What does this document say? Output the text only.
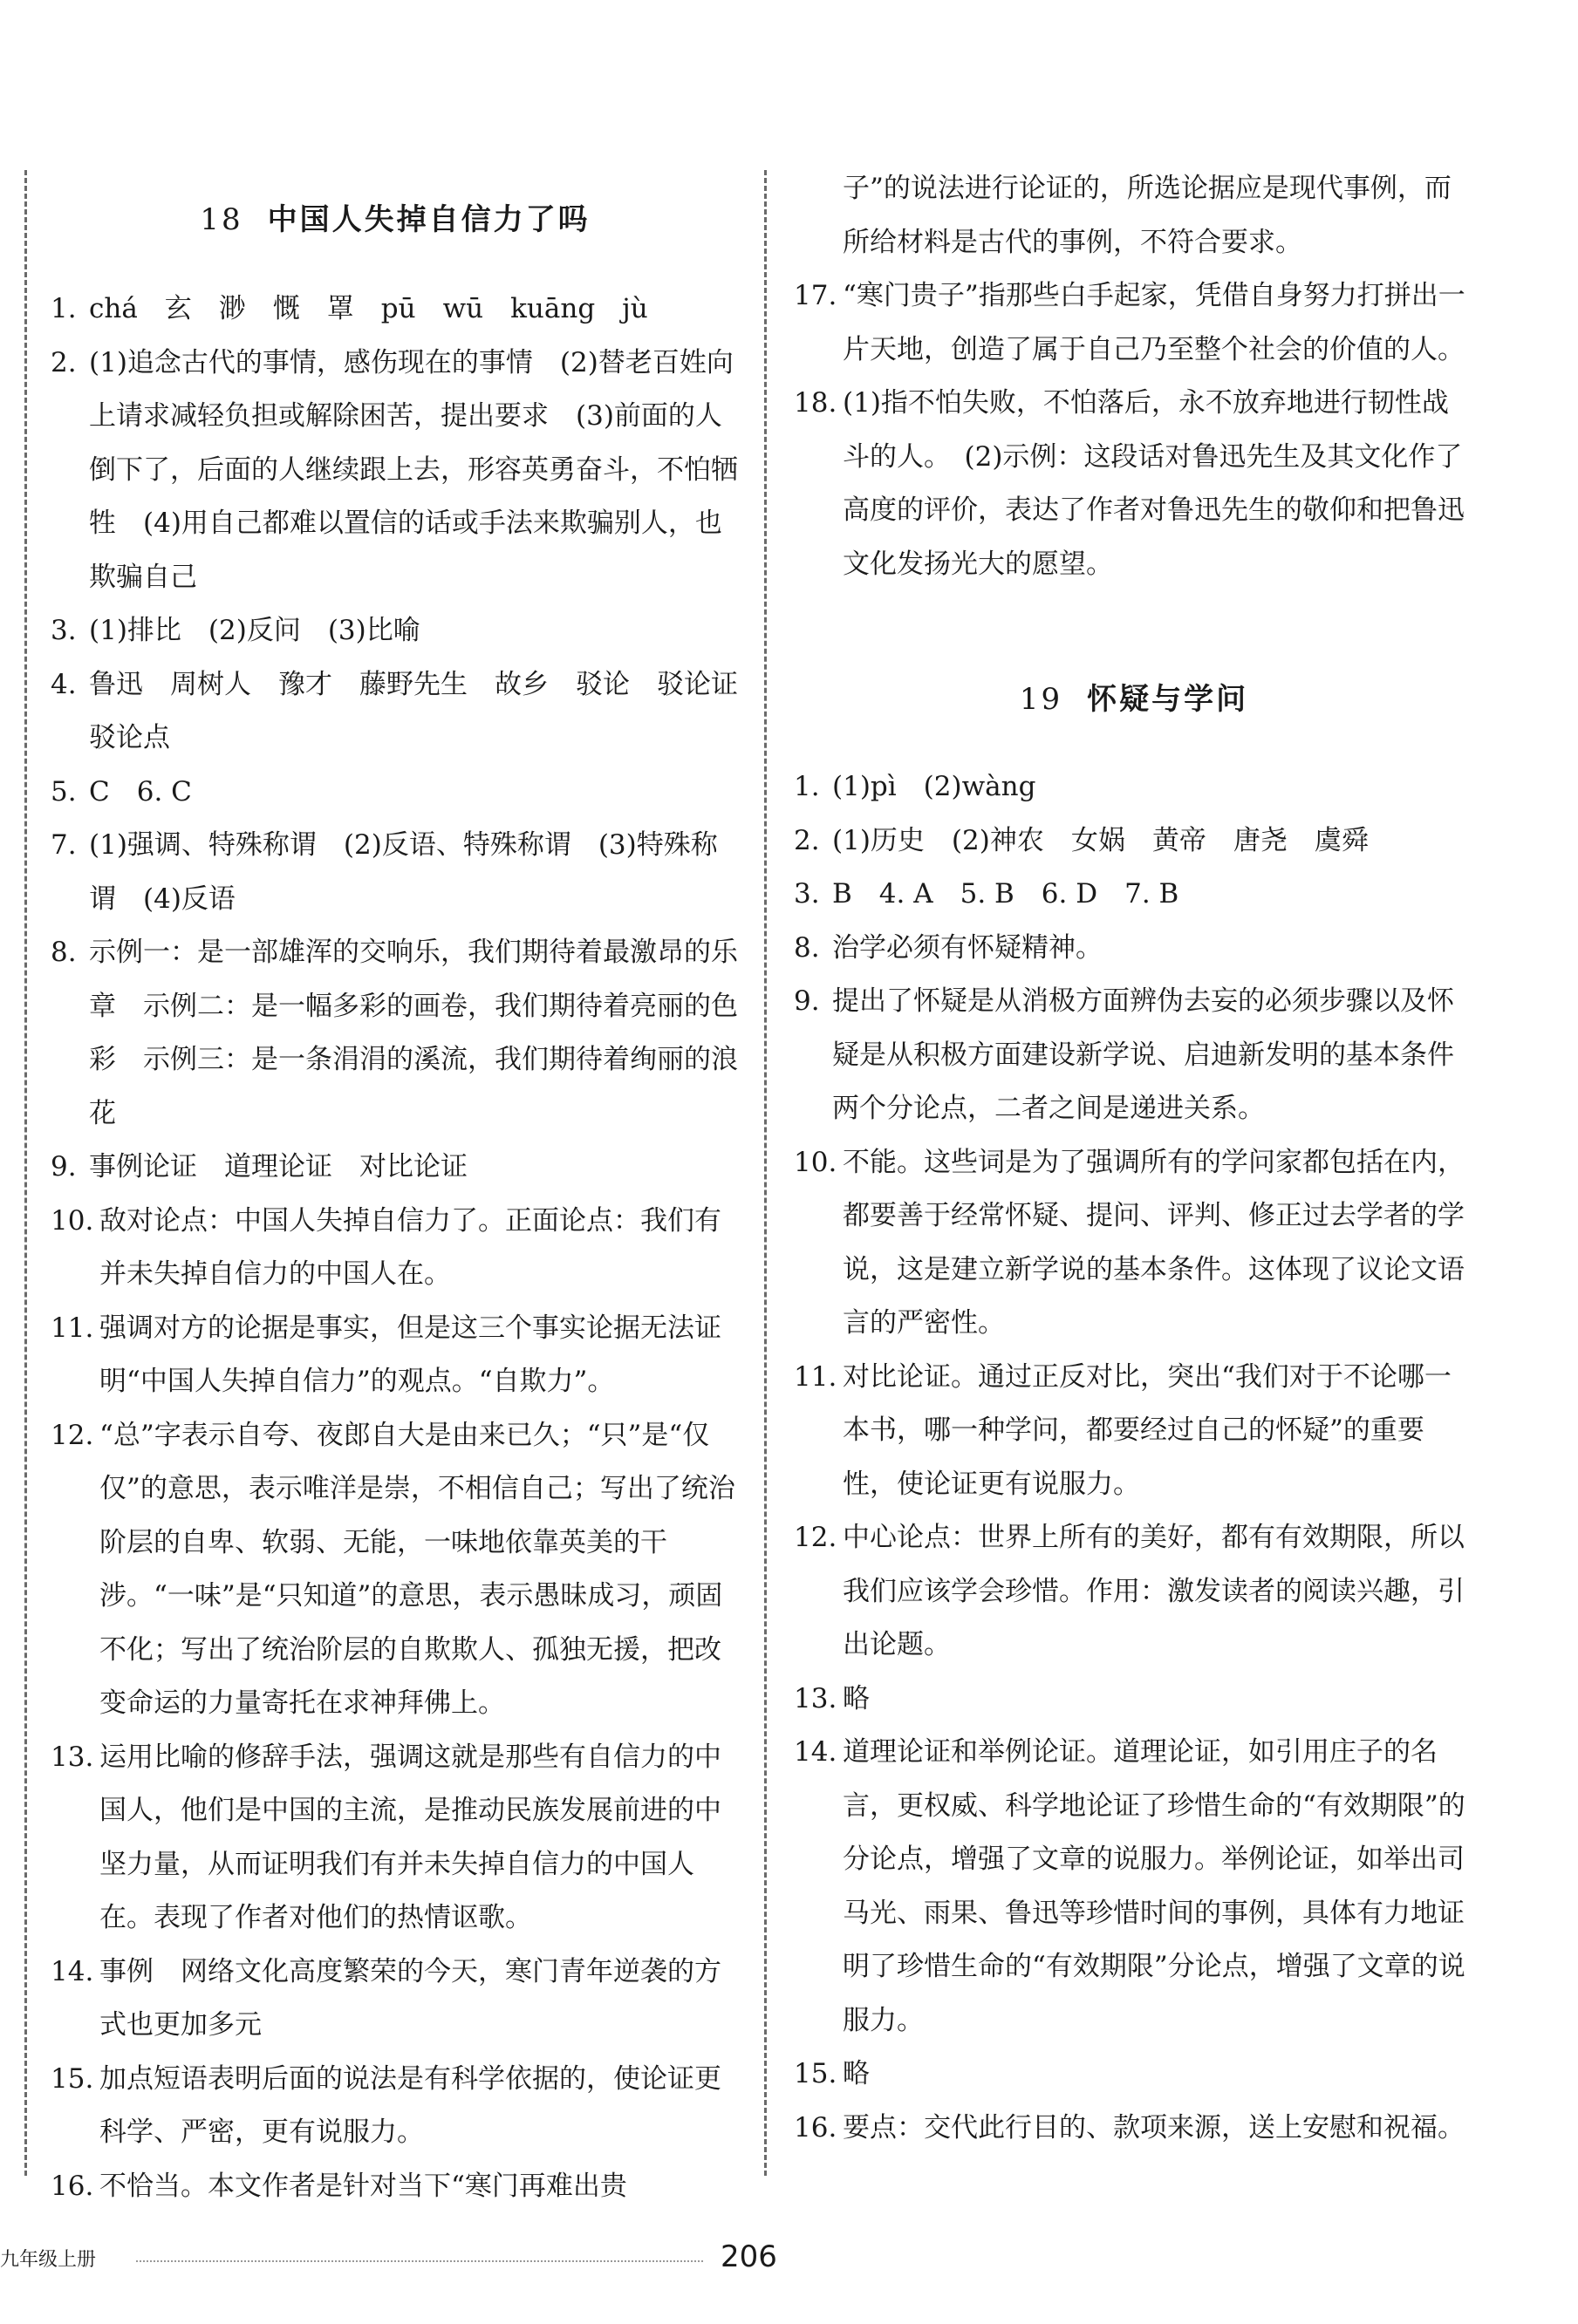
18 中国人失掉自信力了吗
1. chá　玄　渺　慨　罩　pū　wū　kuāng　jù
2. (1)追念古代的事情，感伤现在的事情　(2)替老百姓向上请求减轻负担或解除困苦，提出要求　(3)前面的人倒下了，后面的人继续跟上去，形容英勇奋斗，不怕牺牲　(4)用自己都难以置信的话或手法来欺骗别人，也欺骗自己
3. (1)排比　(2)反问　(3)比喻
4. 鲁迅　周树人　豫才　藤野先生　故乡　驳论　驳论证　驳论点
5. C　6. C
7. (1)强调、特殊称谓　(2)反语、特殊称谓　(3)特殊称谓　(4)反语
8. 示例一：是一部雄浑的交响乐，我们期待着最激昂的乐章　示例二：是一幅多彩的画卷，我们期待着亮丽的色彩　示例三：是一条涓涓的溪流，我们期待着绚丽的浪花
9. 事例论证　道理论证　对比论证
10. 敌对论点：中国人失掉自信力了。正面论点：我们有并未失掉自信力的中国人在。
11. 强调对方的论据是事实，但是这三个事实论据无法证明“中国人失掉自信力”的观点。“自欺力”。
12. “总”字表示自夸、夜郎自大是由来已久；“只”是“仅仅”的意思，表示唯洋是崇，不相信自己；写出了统治阶层的自卑、软弱、无能，一味地依靠英美的干涉。“一味”是“只知道”的意思，表示愚昧成习，顽固不化；写出了统治阶层的自欺欺人、孤独无援，把改变命运的力量寄托在求神拜佛上。
13. 运用比喻的修辞手法，强调这就是那些有自信力的中国人，他们是中国的主流，是推动民族发展前进的中坚力量，从而证明我们有并未失掉自信力的中国人在。表现了作者对他们的热情讴歌。
14. 事例　网络文化高度繁荣的今天，寒门青年逆袭的方式也更加多元
15. 加点短语表明后面的说法是有科学依据的，使论证更科学、严密，更有说服力。
16. 不恰当。本文作者是针对当下“寒门再难出贵
子”的说法进行论证的，所选论据应是现代事例，而所给材料是古代的事例，不符合要求。
17. “寒门贵子”指那些白手起家，凭借自身努力打拼出一片天地，创造了属于自己乃至整个社会的价值的人。
18. (1)指不怕失败，不怕落后，永不放弃地进行韧性战斗的人。　(2)示例：这段话对鲁迅先生及其文化作了高度的评价，表达了作者对鲁迅先生的敬仰和把鲁迅文化发扬光大的愿望。
19 怀疑与学问
1. (1)pì　(2)wàng
2. (1)历史　(2)神农　女娲　黄帝　唐尧　虞舜
3. B　4. A　5. B　6. D　7. B
8. 治学必须有怀疑精神。
9. 提出了怀疑是从消极方面辨伪去妄的必须步骤以及怀疑是从积极方面建设新学说、启迪新发明的基本条件两个分论点，二者之间是递进关系。
10. 不能。这些词是为了强调所有的学问家都包括在内，都要善于经常怀疑、提问、评判、修正过去学者的学说，这是建立新学说的基本条件。这体现了议论文语言的严密性。
11. 对比论证。通过正反对比，突出“我们对于不论哪一本书，哪一种学问，都要经过自己的怀疑”的重要性，使论证更有说服力。
12. 中心论点：世界上所有的美好，都有有效期限，所以我们应该学会珍惜。作用：激发读者的阅读兴趣，引出论题。
13. 略
14. 道理论证和举例论证。道理论证，如引用庄子的名言，更权威、科学地论证了珍惜生命的“有效期限”的分论点，增强了文章的说服力。举例论证，如举出司马光、雨果、鲁迅等珍惜时间的事例，具体有力地证明了珍惜生命的“有效期限”分论点，增强了文章的说服力。
15. 略
16. 要点：交代此行目的、款项来源，送上安慰和祝福。
九年级上册	206
